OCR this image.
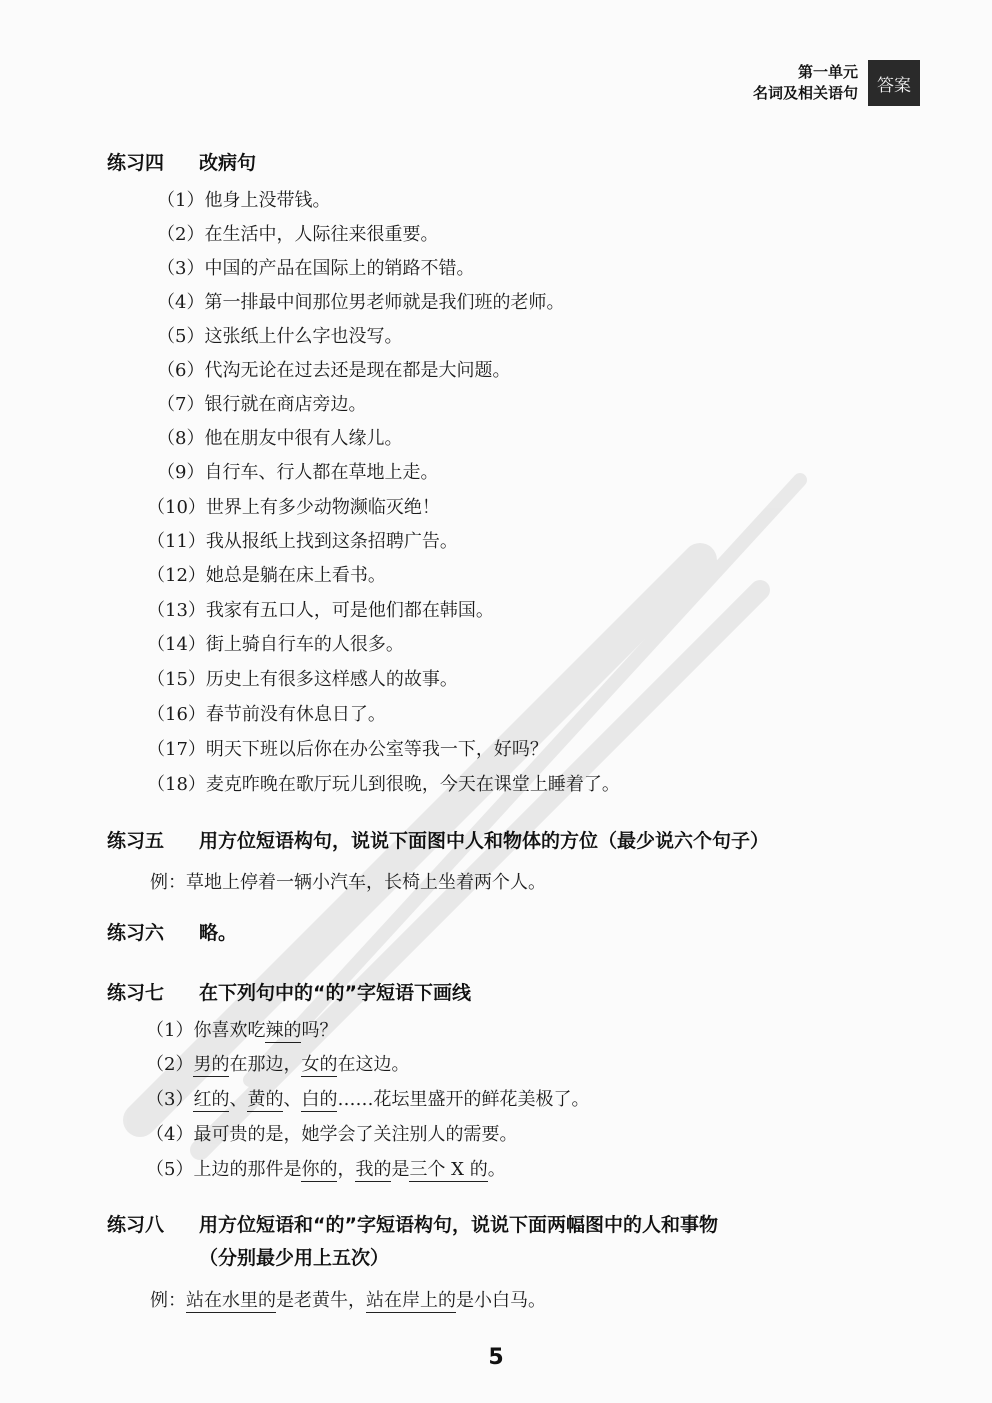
第一单元
名词及相关语句	答案
练习四 改病句
（1）他身上没带钱。
（2）在生活中，人际往来很重要。
（3）中国的产品在国际上的销路不错。
（4）第一排最中间那位男老师就是我们班的老师。
（5）这张纸上什么字也没写。
（6）代沟无论在过去还是现在都是大问题。
（7）银行就在商店旁边。
（8）他在朋友中很有人缘儿。
（9）自行车、行人都在草地上走。
（10）世界上有多少动物濒临灭绝！
（11）我从报纸上找到这条招聘广告。
（12）她总是躺在床上看书。
（13）我家有五口人，可是他们都在韩国。
（14）街上骑自行车的人很多。
（15）历史上有很多这样感人的故事。
（16）春节前没有休息日了。
（17）明天下班以后你在办公室等我一下，好吗？
（18）麦克昨晚在歌厅玩儿到很晚，今天在课堂上睡着了。
练习五 用方位短语构句，说说下面图中人和物体的方位（最少说六个句子）
例：草地上停着一辆小汽车，长椅上坐着两个人。
练习六 略。
练习七 在下列句中的“的”字短语下画线
（1）你喜欢吃辣的吗？
（2）男的在那边，女的在这边。
（3）红的、黄的、白的……花坛里盛开的鲜花美极了。
（4）最可贵的是，她学会了关注别人的需要。
（5）上边的那件是你的，我的是三个 X 的。
练习八 用方位短语和“的”字短语构句，说说下面两幅图中的人和事物
（分别最少用上五次）
例：站在水里的是老黄牛，站在岸上的是小白马。
5
